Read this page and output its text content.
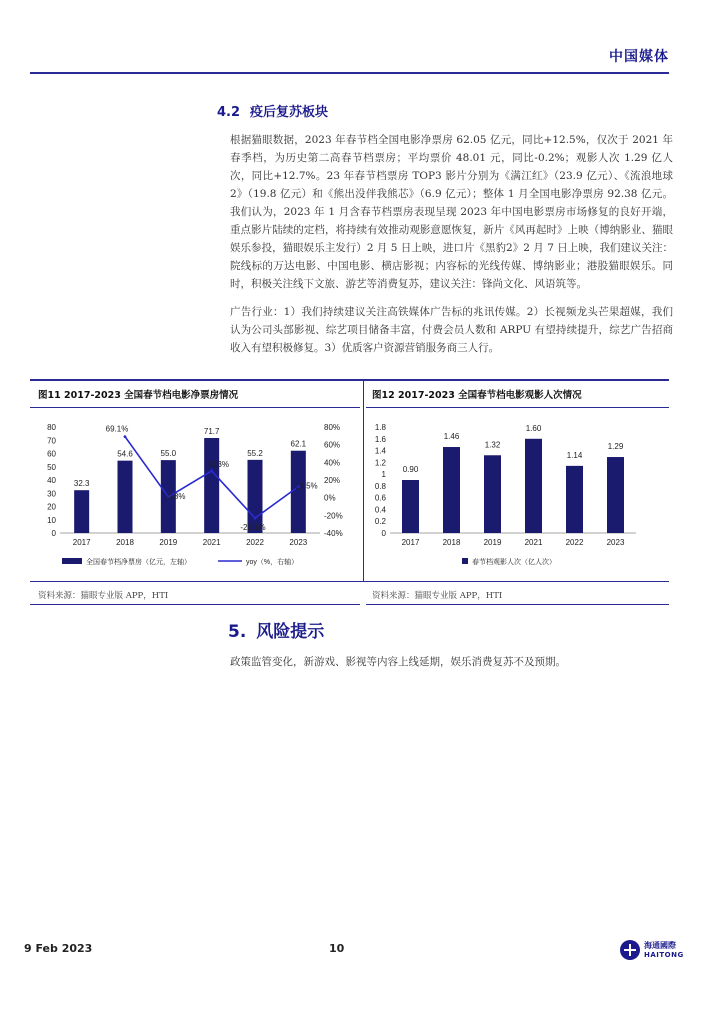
中国媒体
4.2 疫后复苏板块

根据猫眼数据，2023 年春节档全国电影净票房 62.05 亿元，同比+12.5%，仅次于 2021 年春季档，为历史第二高春节档票房；平均票价 48.01 元，同比-0.2%；观影人次 1.29 亿人次，同比+12.7%。23 年春节档票房 TOP3 影片分别为《满江红》（23.9 亿元）、《流浪地球 2》（19.8 亿元）和《熊出没伴我熊芯》（6.9 亿元）；整体 1 月全国电影净票房 92.38 亿元。我们认为，2023 年 1 月含春节档票房表现呈现 2023 年中国电影票房市场修复的良好开端，重点影片陆续的定档，将持续有效推动观影意愿恢复，新片《风再起时》上映（博纳影业、猫眼娱乐参投，猫眼娱乐主发行）2 月 5 日上映，进口片《黑豹2》2 月 7 日上映，我们建议关注：院线标的万达电影、中国电影、横店影视；内容标的光线传媒、博纳影业；港股猫眼娱乐。同时，积极关注线下文旅、游艺等消费复苏，建议关注：锋尚文化、风语筑等。

广告行业：1）我们持续建议关注高铁媒体广告标的兆讯传媒。2）长视频龙头芒果超媒，我们认为公司头部影视、综艺项目储备丰富，付费会员人数和 ARPU 有望持续提升，综艺广告招商收入有望积极修复。3）优质客户资源营销服务商三人行。

图11 2017-2023 全国春节档电影净票房情况	图12 2017-2023 全国春节档电影观影人次情况
0
10
20
30
40
50
60
70
80
-40%
-20%
0%
20%
40%
60%
80%
32.3
2017
54.6
2018
55.0
2019
71.7
2021
55.2
2022
62.1
2023
69.1%
0.8%
30.3%
-23.1%
12.5%
全国春节档净票房（亿元，左轴）	yoy（%，右轴）
0
0.2
0.4
0.6
0.8
1
1.2
1.4
1.6
1.8
0.90
2017
1.46
2018
1.32
2019
1.60
2021
1.14
2022
1.29
2023
春节档观影人次（亿人次）
资料来源：猫眼专业版 APP，HTI	资料来源：猫眼专业版 APP，HTI
5. 风险提示

政策监管变化，新游戏、影视等内容上线延期，娱乐消费复苏不及预期。

9 Feb 2023	10	海通國際
HAITONG
